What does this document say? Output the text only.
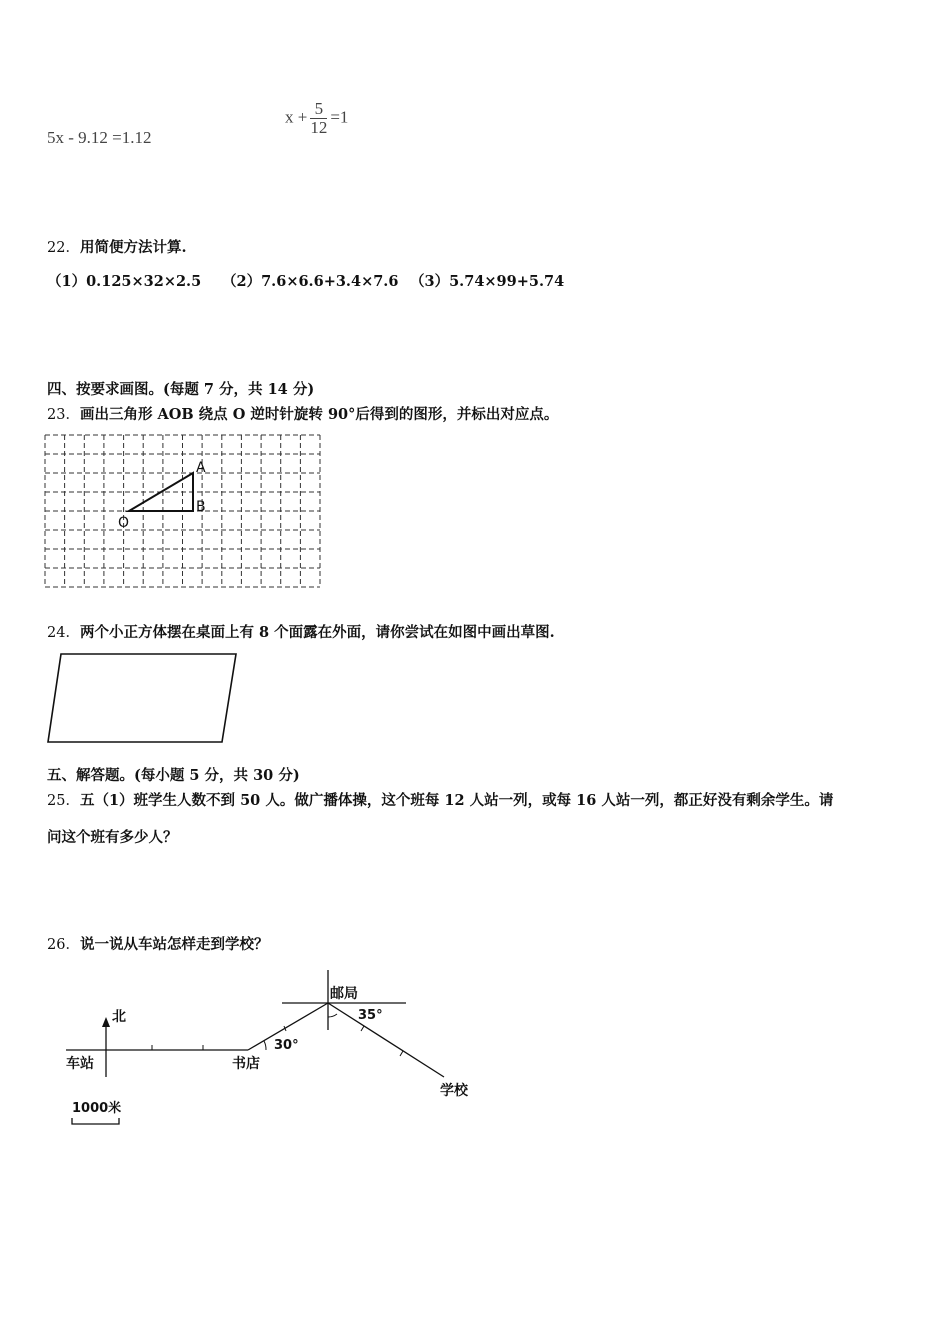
5x - 9.12 =1.12
$x + \frac{5}{12} =1$
22．用简便方法计算.
（1）0.125×32×2.5 （2）7.6×6.6+3.4×7.6 （3）5.74×99+5.74
四、按要求画图。(每题 7 分，共 14 分)
23．画出三角形 AOB 绕点 O 逆时针旋转 90°后得到的图形，并标出对应点。
A
B
O
24．两个小正方体摆在桌面上有 8 个面露在外面，请你尝试在如图中画出草图.
五、解答题。(每小题 5 分，共 30 分)
25．五（1）班学生人数不到 50 人。做广播体操，这个班每 12 人站一列，或每 16 人站一列，都正好没有剩余学生。请
问这个班有多少人？
26．说一说从车站怎样走到学校？
北
车站	书店
30°
邮局
35°
学校
1000米
